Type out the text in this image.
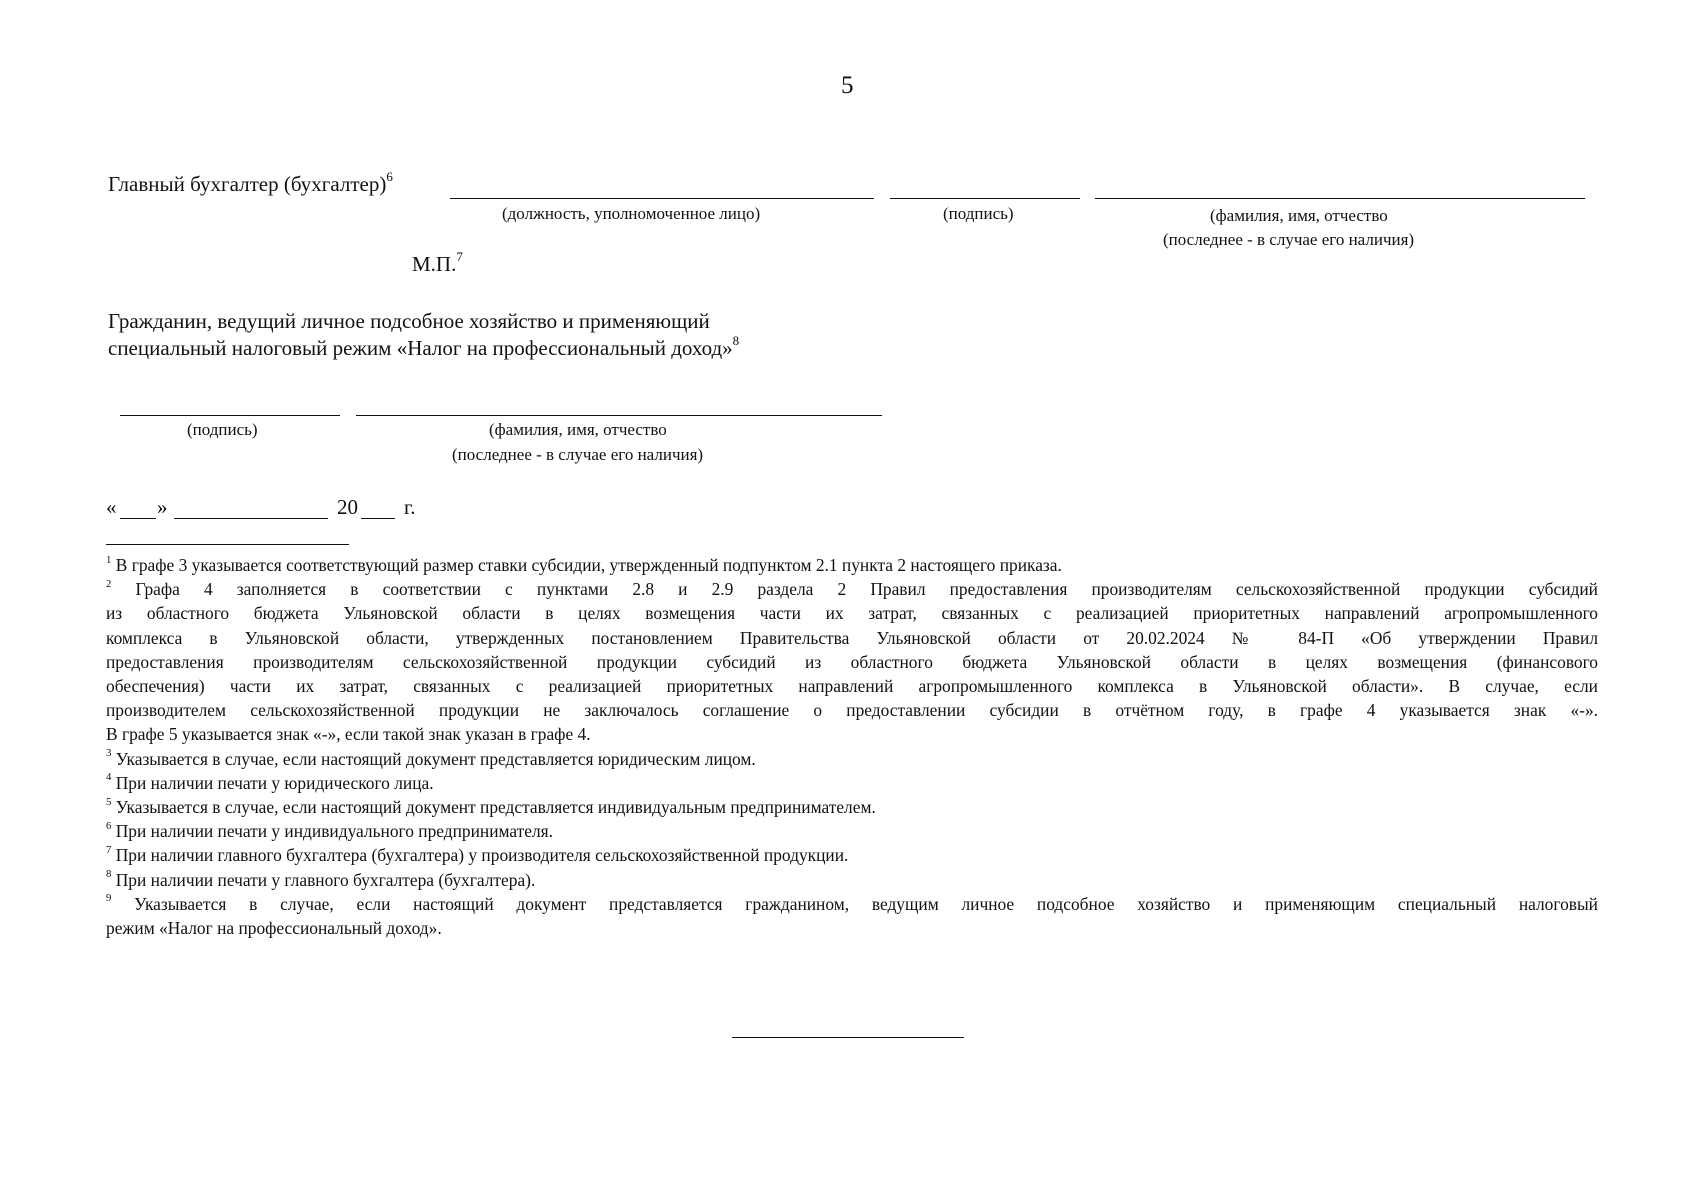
5
Главный бухгалтер (бухгалтер)$^6$
(должность, уполномоченное лицо)	(подпись)	(фамилия, имя, отчество
(последнее - в случае его наличия)
М.П.$^7$
Гражданин, ведущий личное подсобное хозяйство и применяющий
специальный налоговый режим «Налог на профессиональный доход»$^8$
(подпись)	(фамилия, имя, отчество
(последнее - в случае его наличия)
« »	20 г.

$^1$ В графе 3 указывается соответствующий размер ставки субсидии, утвержденный подпунктом 2.1 пункта 2 настоящего приказа.

$^2$ Графа 4 заполняется в соответствии с пунктами 2.8 и 2.9 раздела 2 Правил предоставления производителям сельскохозяйственной продукции субсидий

из областного бюджета Ульяновской области в целях возмещения части их затрат, связанных с реализацией приоритетных направлений агропромышленного

комплекса в Ульяновской области, утвержденных постановлением Правительства Ульяновской области от 20.02.2024 № 84-П «Об утверждении Правил

предоставления производителям сельскохозяйственной продукции субсидий из областного бюджета Ульяновской области в целях возмещения (финансового

обеспечения) части их затрат, связанных с реализацией приоритетных направлений агропромышленного комплекса в Ульяновской области». В случае, если

производителем сельскохозяйственной продукции не заключалось соглашение о предоставлении субсидии в отчётном году, в графе 4 указывается знак «-».

В графе 5 указывается знак «-», если такой знак указан в графе 4.

$^3$ Указывается в случае, если настоящий документ представляется юридическим лицом.

$^4$ При наличии печати у юридического лица.

$^5$ Указывается в случае, если настоящий документ представляется индивидуальным предпринимателем.

$^6$ При наличии печати у индивидуального предпринимателя.

$^7$ При наличии главного бухгалтера (бухгалтера) у производителя сельскохозяйственной продукции.

$^8$ При наличии печати у главного бухгалтера (бухгалтера).

$^9$ Указывается в случае, если настоящий документ представляется гражданином, ведущим личное подсобное хозяйство и применяющим специальный налоговый

режим «Налог на профессиональный доход».
